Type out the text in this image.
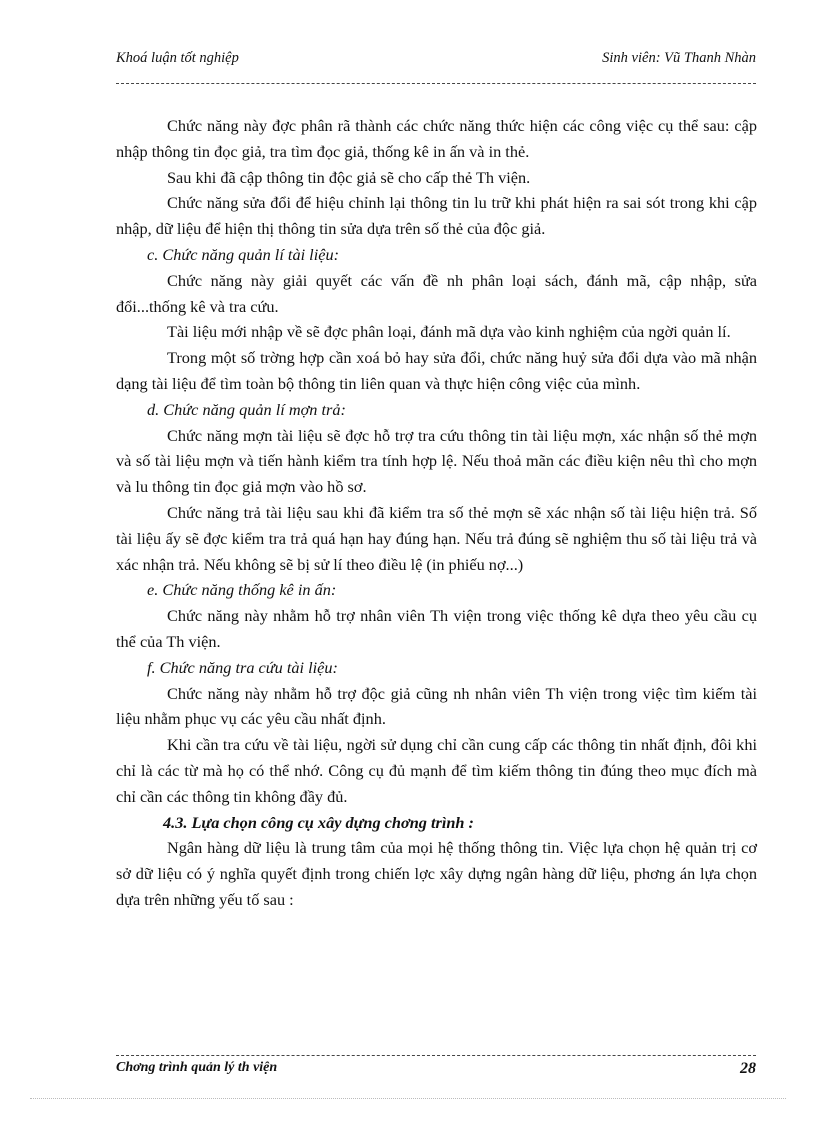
Khoá luận tốt nghiệp	Sinh viên: Vũ Thanh Nhàn

Chức năng này đợc phân rã thành các chức năng thức hiện các công việc cụ thể sau: cập nhập thông tin đọc giả, tra tìm đọc giả, thống kê in ấn và in thẻ.

Sau khi đã cập thông tin độc giả sẽ cho cấp thẻ Th viện.

Chức năng sửa đổi để hiệu chỉnh lại thông tin lu trữ khi phát hiện ra sai sót trong khi cập nhập, dữ liệu để hiện thị thông tin sửa dựa trên số thẻ của độc giả.

c. Chức năng quản lí tài liệu:

Chức năng này giải quyết các vấn đề nh phân loại sách, đánh mã, cập nhập, sửa đổi...thống kê và tra cứu.

Tài liệu mới nhập về sẽ đợc phân loại, đánh mã dựa vào kinh nghiệm của ngời quản lí.

Trong một số trờng hợp cần xoá bỏ hay sửa đổi, chức năng huỷ sửa đổi dựa vào mã nhận dạng tài liệu để tìm toàn bộ thông tin liên quan và thực hiện công việc của mình.

d. Chức năng quản lí mợn trả:

Chức năng mợn tài liệu sẽ đợc hỗ trợ tra cứu thông tin tài liệu mợn, xác nhận số thẻ mợn và số tài liệu mợn và tiến hành kiểm tra tính hợp lệ. Nếu thoả mãn các điều kiện nêu thì cho mợn và lu thông tin đọc giả mợn vào hồ sơ.

Chức năng trả tài liệu sau khi đã kiểm tra số thẻ mợn sẽ xác nhận số tài liệu hiện trả. Số tài liệu ấy sẽ đợc kiểm tra trả quá hạn hay đúng hạn. Nếu trả đúng sẽ nghiệm thu số tài liệu trả và xác nhận trả. Nếu không sẽ bị sử lí theo điều lệ (in phiếu nợ...)

e. Chức năng thống kê in ấn:

Chức năng này nhằm hỗ trợ nhân viên Th viện trong việc thống kê dựa theo yêu cầu cụ thể của Th viện.

f. Chức năng tra cứu tài liệu:

Chức năng này nhằm hỗ trợ độc giả cũng nh nhân viên Th viện trong việc tìm kiếm tài liệu nhằm phục vụ các yêu cầu nhất định.

Khi cần tra cứu về tài liệu, ngời sử dụng chỉ cần cung cấp các thông tin nhất định, đôi khi chỉ là các từ mà họ có thể nhớ. Công cụ đủ mạnh để tìm kiếm thông tin đúng theo mục đích mà chỉ cần các thông tin không đầy đủ.

4.3. Lựa chọn công cụ xây dựng chơng trình :

Ngân hàng dữ liệu là trung tâm của mọi hệ thống thông tin. Việc lựa chọn hệ quản trị cơ sở dữ liệu có ý nghĩa quyết định trong chiến lợc xây dựng ngân hàng dữ liệu, phơng án lựa chọn dựa trên những yếu tố sau :

Chơng trình quản lý th viện	28
